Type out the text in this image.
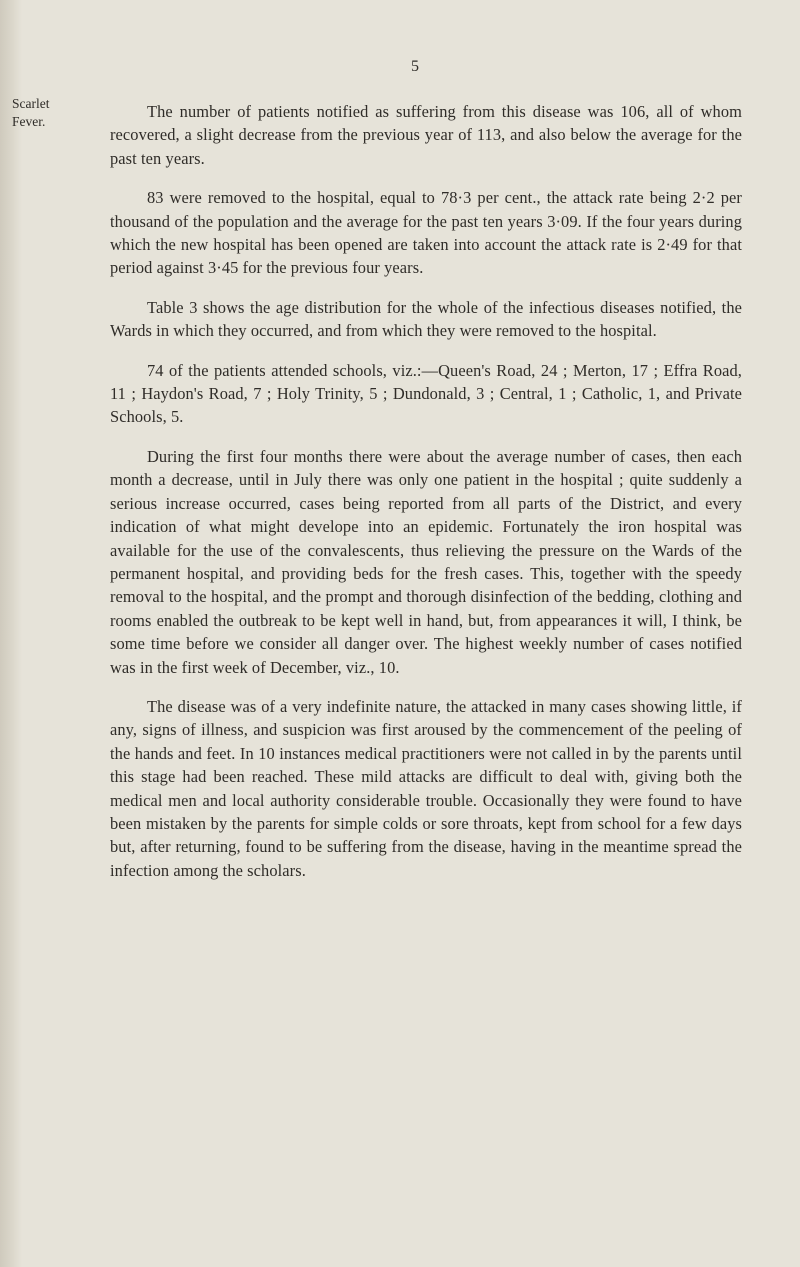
5
Scarlet
Fever.

The number of patients notified as suffering from this disease was 106, all of whom recovered, a slight decrease from the previous year of 113, and also below the average for the past ten years.

83 were removed to the hospital, equal to 78·3 per cent., the attack rate being 2·2 per thousand of the population and the average for the past ten years 3·09. If the four years during which the new hospital has been opened are taken into account the attack rate is 2·49 for that period against 3·45 for the previous four years.

Table 3 shows the age distribution for the whole of the infectious diseases notified, the Wards in which they occurred, and from which they were removed to the hospital.

74 of the patients attended schools, viz.:—Queen's Road, 24 ; Merton, 17 ; Effra Road, 11 ; Haydon's Road, 7 ; Holy Trinity, 5 ; Dundonald, 3 ; Central, 1 ; Catholic, 1, and Private Schools, 5.

During the first four months there were about the average number of cases, then each month a decrease, until in July there was only one patient in the hospital ; quite suddenly a serious increase occurred, cases being reported from all parts of the District, and every indication of what might develope into an epidemic. Fortunately the iron hospital was available for the use of the convalescents, thus relieving the pressure on the Wards of the permanent hospital, and providing beds for the fresh cases. This, together with the speedy removal to the hospital, and the prompt and thorough disinfection of the bedding, clothing and rooms enabled the outbreak to be kept well in hand, but, from appearances it will, I think, be some time before we consider all danger over. The highest weekly number of cases notified was in the first week of December, viz., 10.

The disease was of a very indefinite nature, the attacked in many cases showing little, if any, signs of illness, and suspicion was first aroused by the commencement of the peeling of the hands and feet. In 10 instances medical practitioners were not called in by the parents until this stage had been reached. These mild attacks are difficult to deal with, giving both the medical men and local authority considerable trouble. Occasionally they were found to have been mistaken by the parents for simple colds or sore throats, kept from school for a few days but, after returning, found to be suffering from the disease, having in the meantime spread the infection among the scholars.
